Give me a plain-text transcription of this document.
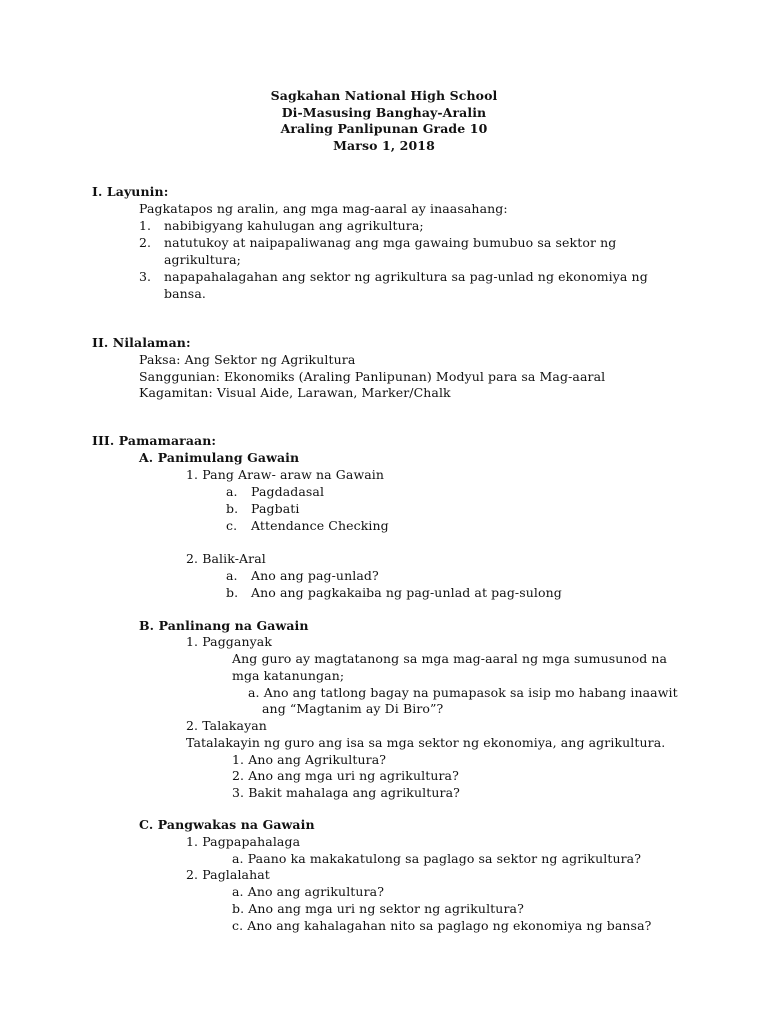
Sagkahan National High School
Di-Masusing Banghay-Aralin
Araling Panlipunan Grade 10
Marso 1, 2018
I. Layunin:
Pagkatapos ng aralin, ang mga mag-aaral ay inaasahang:
1. nabibigyang kahulugan ang agrikultura;
2. natutukoy at naipapaliwanag ang mga gawaing bumubuo sa sektor ng
agrikultura;
3. napapahalagahan ang sektor ng agrikultura sa pag-unlad ng ekonomiya ng
bansa.
II. Nilalaman:
Paksa: Ang Sektor ng Agrikultura
Sanggunian: Ekonomiks (Araling Panlipunan) Modyul para sa Mag-aaral
Kagamitan: Visual Aide, Larawan, Marker/Chalk
III. Pamamaraan:
A. Panimulang Gawain
1. Pang Araw- araw na Gawain
a. Pagdadasal
b. Pagbati
c. Attendance Checking
2. Balik-Aral
a. Ano ang pag-unlad?
b. Ano ang pagkakaiba ng pag-unlad at pag-sulong
B. Panlinang na Gawain
1. Pagganyak
Ang guro ay magtatanong sa mga mag-aaral ng mga sumusunod na
mga katanungan;
a. Ano ang tatlong bagay na pumapasok sa isip mo habang inaawit
ang “Magtanim ay Di Biro”?
2. Talakayan
Tatalakayin ng guro ang isa sa mga sektor ng ekonomiya, ang agrikultura.
1. Ano ang Agrikultura?
2. Ano ang mga uri ng agrikultura?
3. Bakit mahalaga ang agrikultura?
C. Pangwakas na Gawain
1. Pagpapahalaga
a. Paano ka makakatulong sa paglago sa sektor ng agrikultura?
2. Paglalahat
a. Ano ang agrikultura?
b. Ano ang mga uri ng sektor ng agrikultura?
c. Ano ang kahalagahan nito sa paglago ng ekonomiya ng bansa?
